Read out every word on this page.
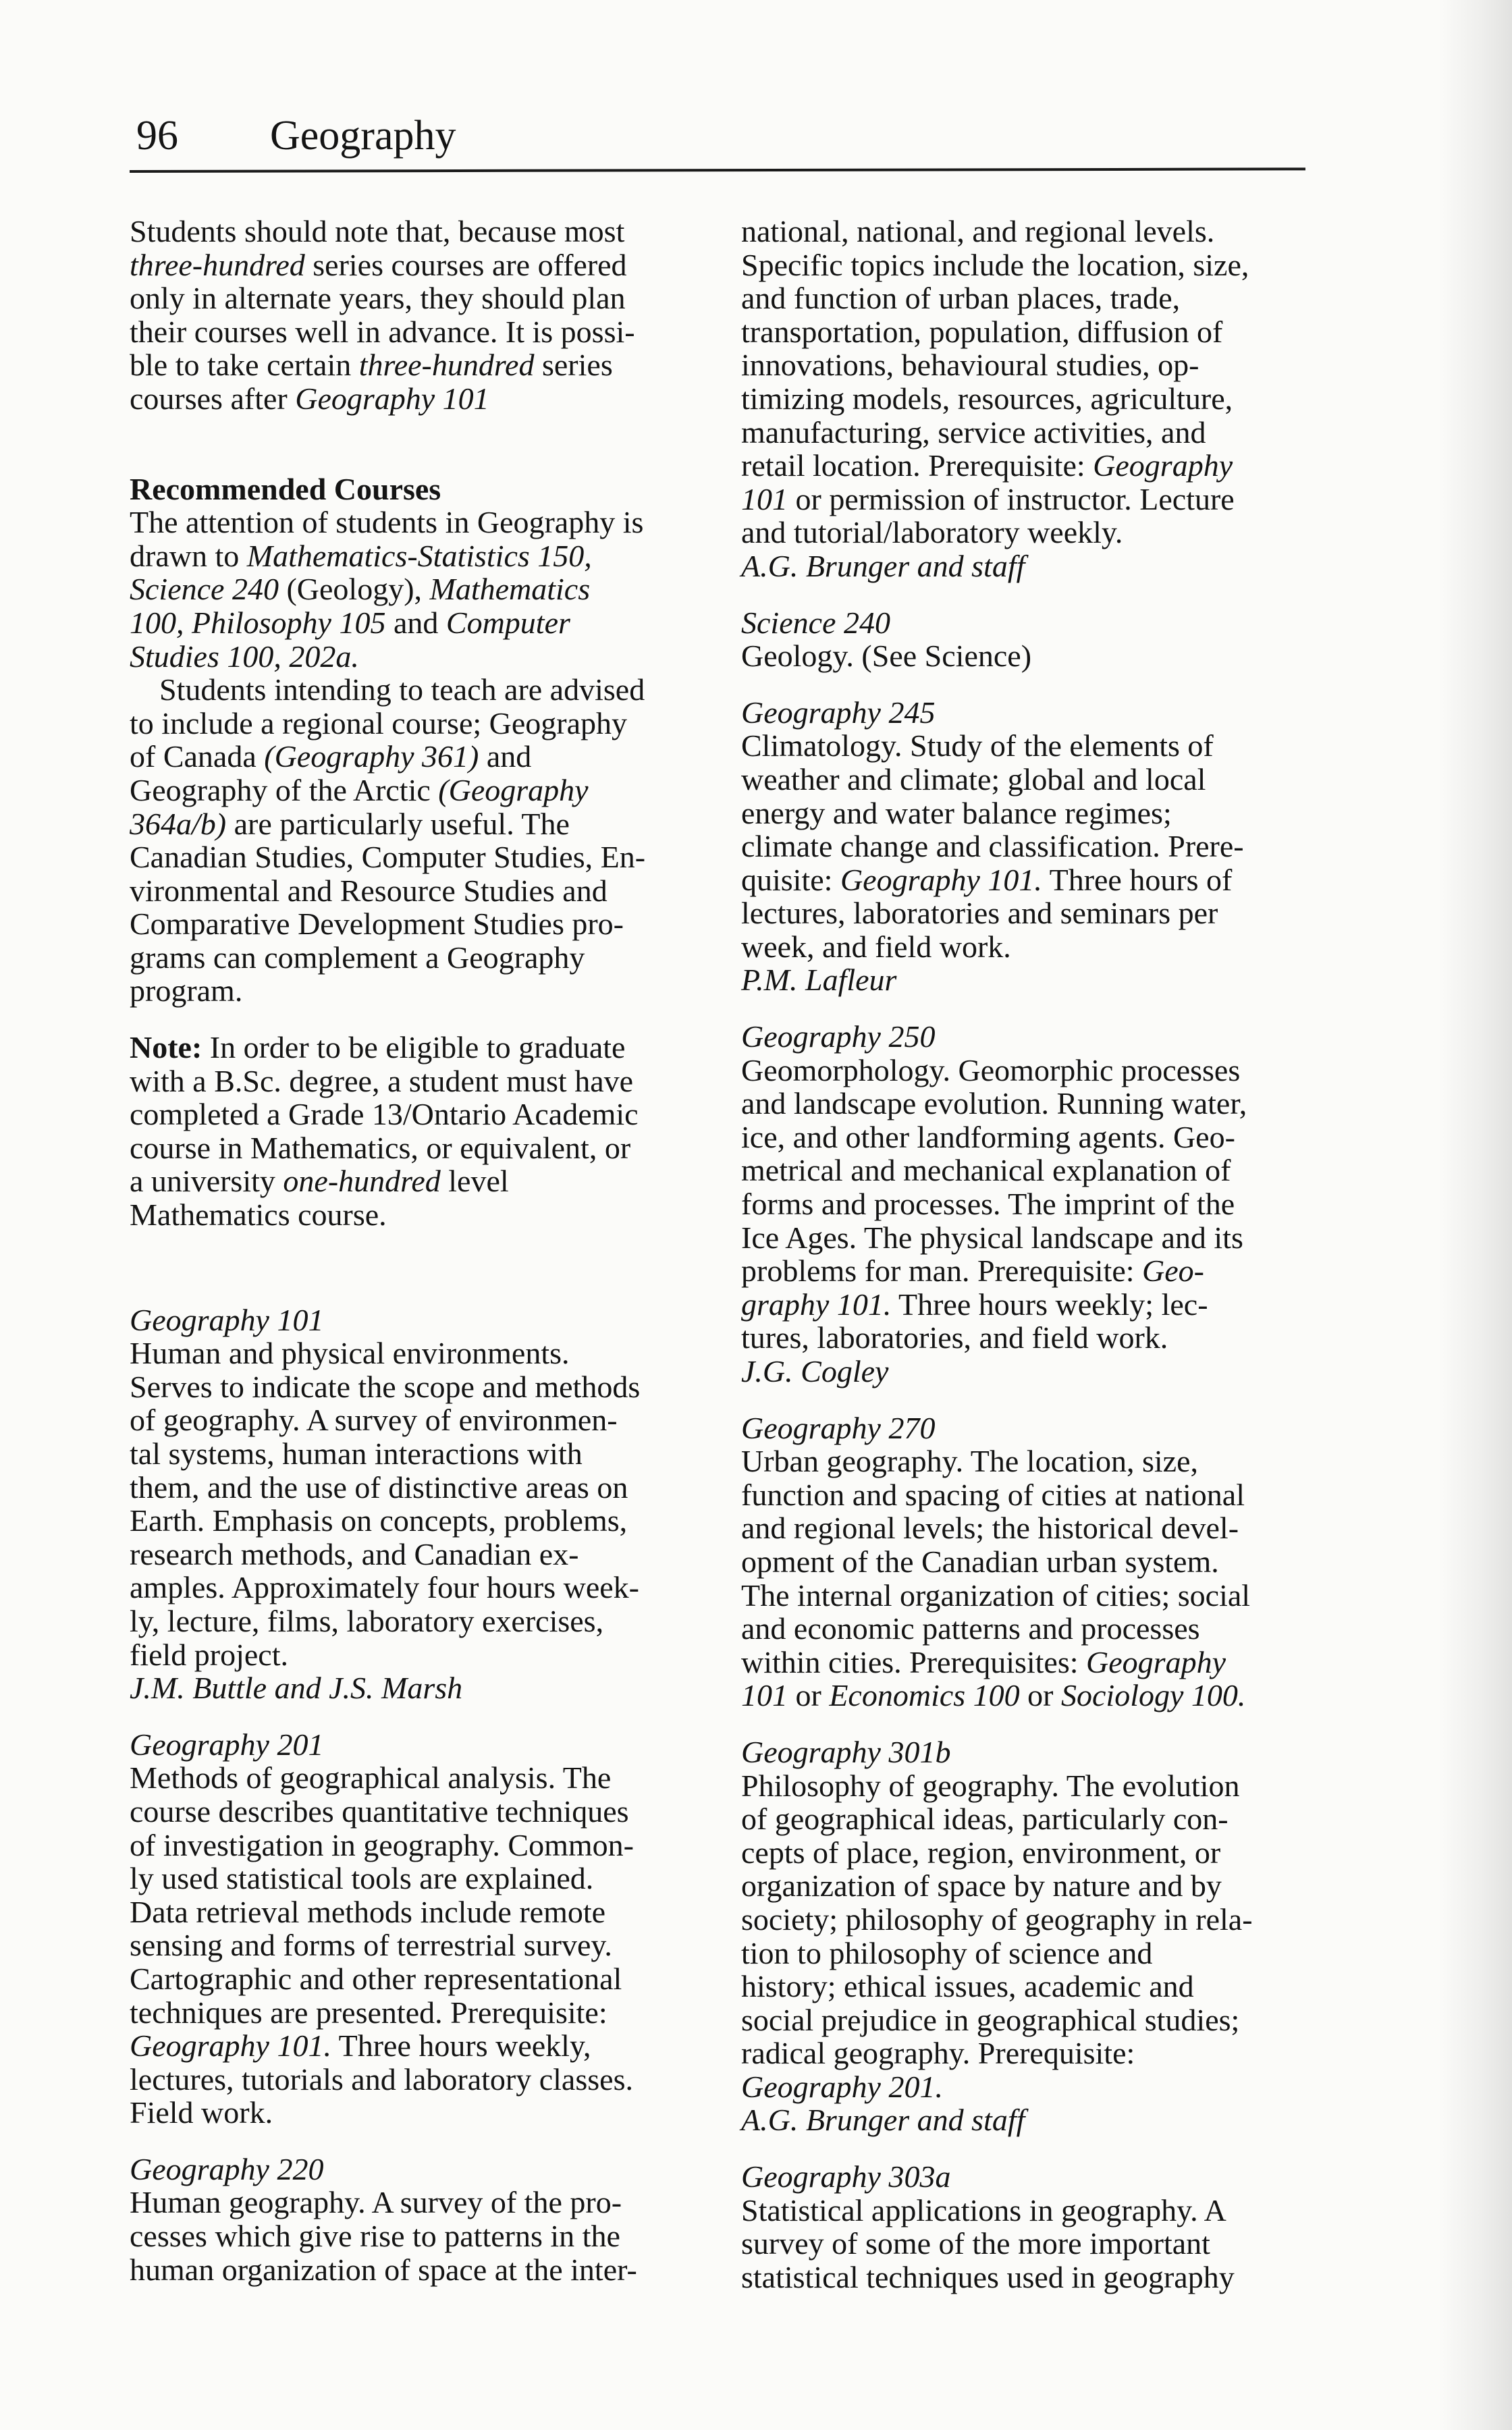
96 Geography
Students should note that, because most
three-hundred series courses are offered
only in alternate years, they should plan
their courses well in advance. It is possi-
ble to take certain three-hundred series
courses after Geography 101
Recommended Courses
The attention of students in Geography is
drawn to Mathematics-Statistics 150,
Science 240 (Geology), Mathematics
100, Philosophy 105 and Computer
Studies 100, 202a.
Students intending to teach are advised
to include a regional course; Geography
of Canada (Geography 361) and
Geography of the Arctic (Geography
364a/b) are particularly useful. The
Canadian Studies, Computer Studies, En-
vironmental and Resource Studies and
Comparative Development Studies pro-
grams can complement a Geography
program.
Note: In order to be eligible to graduate
with a B.Sc. degree, a student must have
completed a Grade 13/Ontario Academic
course in Mathematics, or equivalent, or
a university one-hundred level
Mathematics course.
Geography 101
Human and physical environments.
Serves to indicate the scope and methods
of geography. A survey of environmen-
tal systems, human interactions with
them, and the use of distinctive areas on
Earth. Emphasis on concepts, problems,
research methods, and Canadian ex-
amples. Approximately four hours week-
ly, lecture, films, laboratory exercises,
field project.
J.M. Buttle and J.S. Marsh
Geography 201
Methods of geographical analysis. The
course describes quantitative techniques
of investigation in geography. Common-
ly used statistical tools are explained.
Data retrieval methods include remote
sensing and forms of terrestrial survey.
Cartographic and other representational
techniques are presented. Prerequisite:
Geography 101. Three hours weekly,
lectures, tutorials and laboratory classes.
Field work.
Geography 220
Human geography. A survey of the pro-
cesses which give rise to patterns in the
human organization of space at the inter-
national, national, and regional levels.
Specific topics include the location, size,
and function of urban places, trade,
transportation, population, diffusion of
innovations, behavioural studies, op-
timizing models, resources, agriculture,
manufacturing, service activities, and
retail location. Prerequisite: Geography
101 or permission of instructor. Lecture
and tutorial/laboratory weekly.
A.G. Brunger and staff
Science 240
Geology. (See Science)
Geography 245
Climatology. Study of the elements of
weather and climate; global and local
energy and water balance regimes;
climate change and classification. Prere-
quisite: Geography 101. Three hours of
lectures, laboratories and seminars per
week, and field work.
P.M. Lafleur
Geography 250
Geomorphology. Geomorphic processes
and landscape evolution. Running water,
ice, and other landforming agents. Geo-
metrical and mechanical explanation of
forms and processes. The imprint of the
Ice Ages. The physical landscape and its
problems for man. Prerequisite: Geo-
graphy 101. Three hours weekly; lec-
tures, laboratories, and field work.
J.G. Cogley
Geography 270
Urban geography. The location, size,
function and spacing of cities at national
and regional levels; the historical devel-
opment of the Canadian urban system.
The internal organization of cities; social
and economic patterns and processes
within cities. Prerequisites: Geography
101 or Economics 100 or Sociology 100.
Geography 301b
Philosophy of geography. The evolution
of geographical ideas, particularly con-
cepts of place, region, environment, or
organization of space by nature and by
society; philosophy of geography in rela-
tion to philosophy of science and
history; ethical issues, academic and
social prejudice in geographical studies;
radical geography. Prerequisite:
Geography 201.
A.G. Brunger and staff
Geography 303a
Statistical applications in geography. A
survey of some of the more important
statistical techniques used in geography
